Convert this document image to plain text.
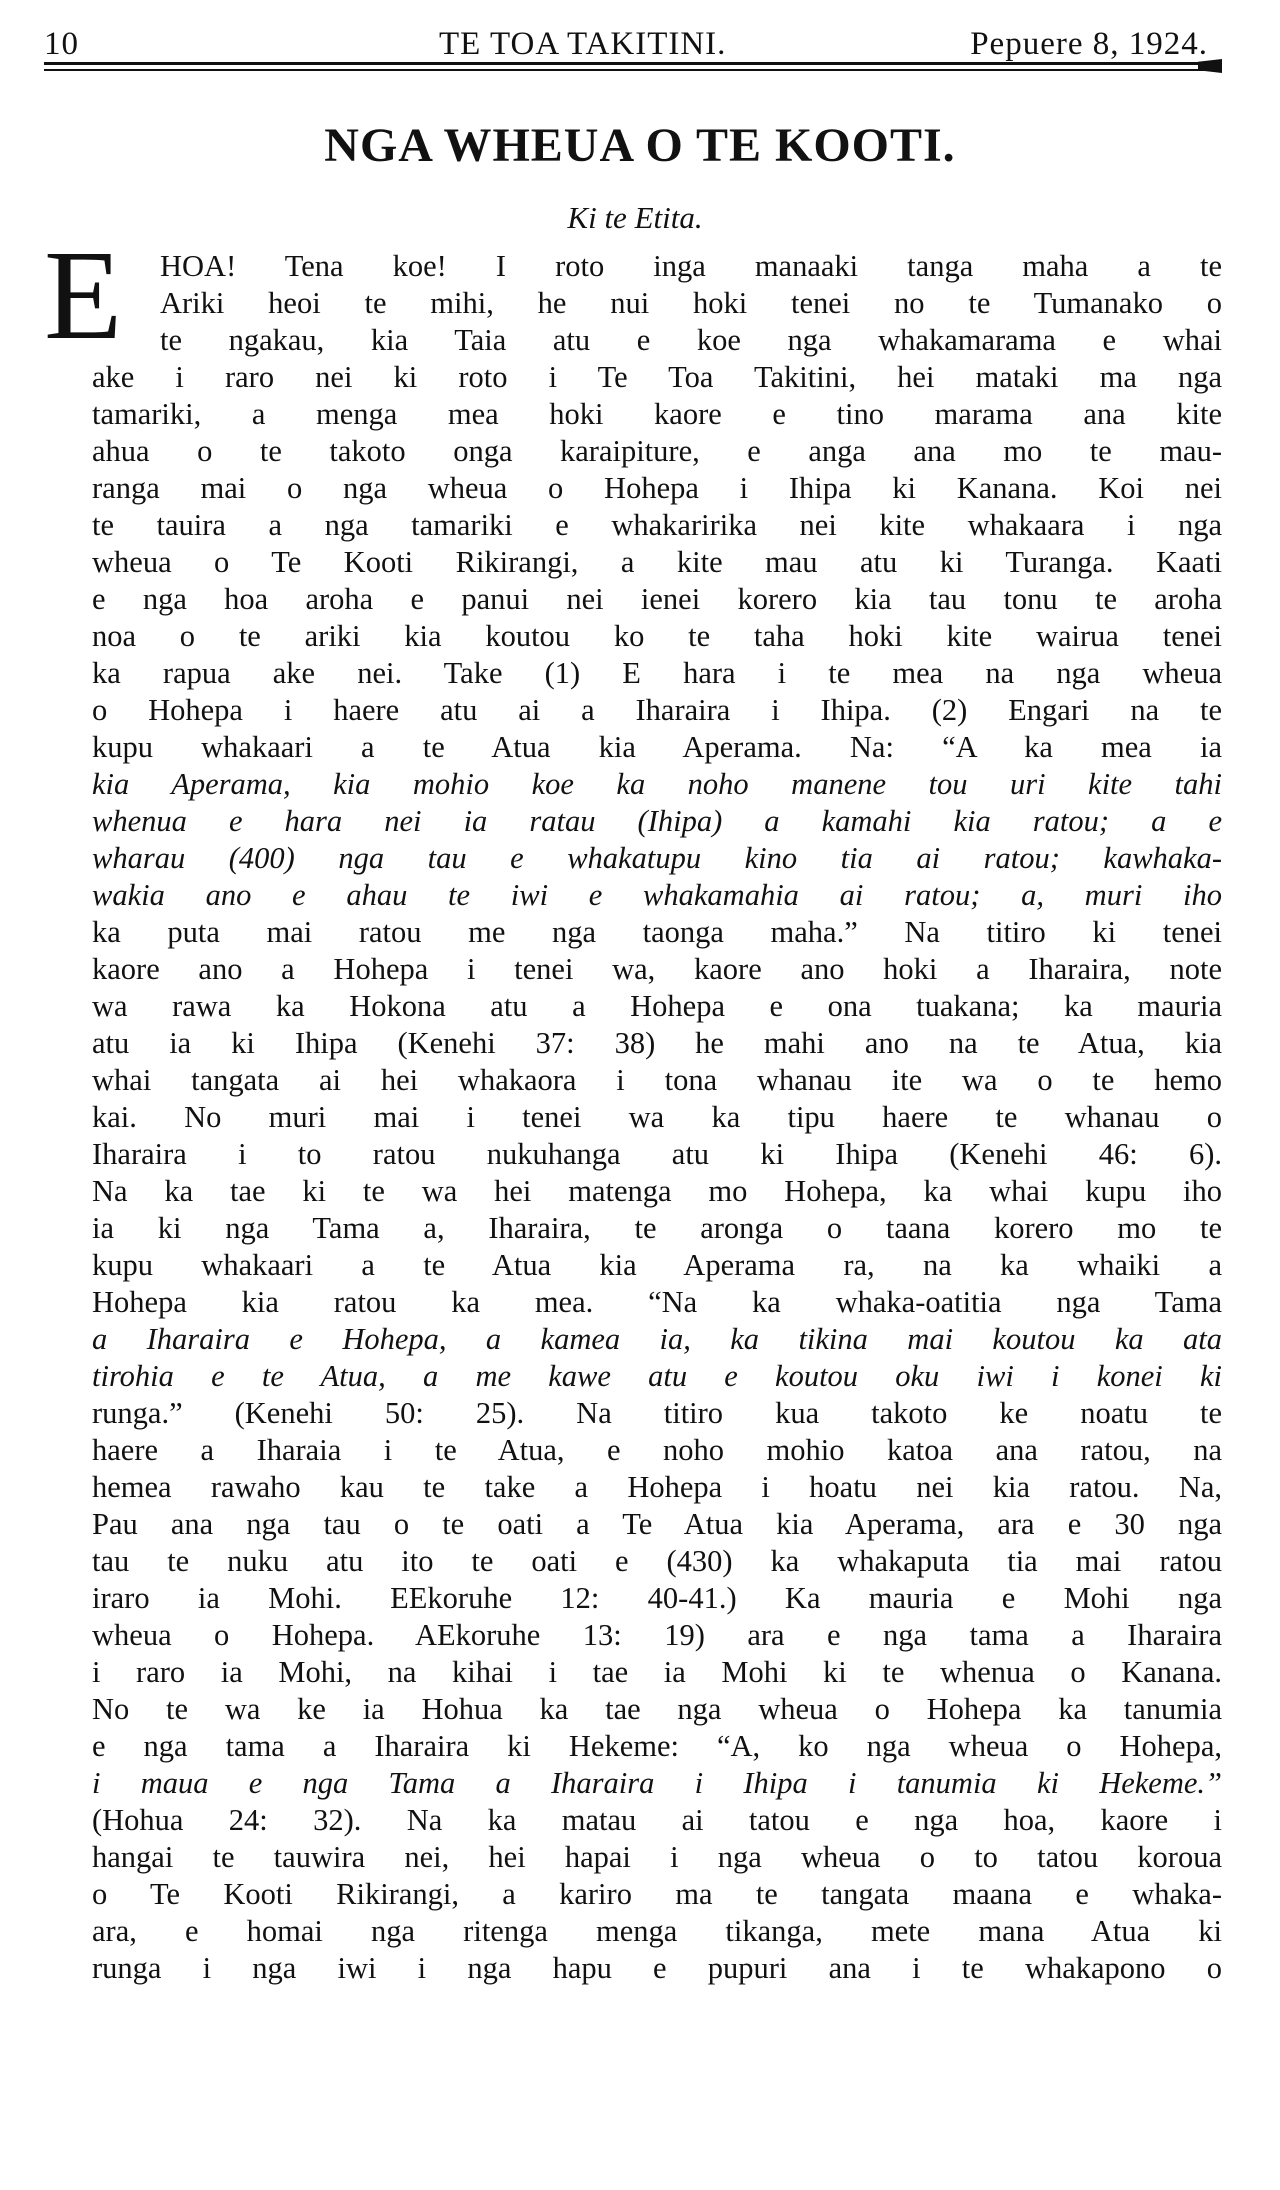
10	TE TOA TAKITINI.	Pepuere 8, 1924.
NGA WHEUA O TE KOOTI.
Ki te Etita.
E	HOA! Tena koe! I roto inga manaaki tanga maha a te
Ariki heoi te mihi, he nui hoki tenei no te Tumanako o
te ngakau, kia Taia atu e koe nga whakamarama e whai
ake i raro nei ki roto i Te Toa Takitini, hei mataki ma nga
tamariki, a menga mea hoki kaore e tino marama ana kite
ahua o te takoto onga karaipiture, e anga ana mo te mau-
ranga mai o nga wheua o Hohepa i Ihipa ki Kanana. Koi nei
te tauira a nga tamariki e whakaririka nei kite whakaara i nga
wheua o Te Kooti Rikirangi, a kite mau atu ki Turanga. Kaati
e nga hoa aroha e panui nei ienei korero kia tau tonu te aroha
noa o te ariki kia koutou ko te taha hoki kite wairua tenei
ka rapua ake nei. Take (1) E hara i te mea na nga wheua
o Hohepa i haere atu ai a Iharaira i Ihipa. (2) Engari na te
kupu whakaari a te Atua kia Aperama. Na: “A ka mea ia
kia Aperama, kia mohio koe ka noho manene tou uri kite tahi
whenua e hara nei ia ratau (Ihipa) a kamahi kia ratou; a e
wharau (400) nga tau e whakatupu kino tia ai ratou; kawhaka-
wakia ano e ahau te iwi e whakamahia ai ratou; a, muri iho
ka puta mai ratou me nga taonga maha.” Na titiro ki tenei
kaore ano a Hohepa i tenei wa, kaore ano hoki a Iharaira, note
wa rawa ka Hokona atu a Hohepa e ona tuakana; ka mauria
atu ia ki Ihipa (Kenehi 37: 38) he mahi ano na te Atua, kia
whai tangata ai hei whakaora i tona whanau ite wa o te hemo
kai. No muri mai i tenei wa ka tipu haere te whanau o
Iharaira i to ratou nukuhanga atu ki Ihipa (Kenehi 46: 6).
Na ka tae ki te wa hei matenga mo Hohepa, ka whai kupu iho
ia ki nga Tama a, Iharaira, te aronga o taana korero mo te
kupu whakaari a te Atua kia Aperama ra, na ka whaiki a
Hohepa kia ratou ka mea. “Na ka whaka-oatitia nga Tama
a Iharaira e Hohepa, a kamea ia, ka tikina mai koutou ka ata
tirohia e te Atua, a me kawe atu e koutou oku iwi i konei ki
runga.” (Kenehi 50: 25). Na titiro kua takoto ke noatu te
haere a Iharaia i te Atua, e noho mohio katoa ana ratou, na
hemea rawaho kau te take a Hohepa i hoatu nei kia ratou. Na,
Pau ana nga tau o te oati a Te Atua kia Aperama, ara e 30 nga
tau te nuku atu ito te oati e (430) ka whakaputa tia mai ratou
iraro ia Mohi. EEkoruhe 12: 40-41.) Ka mauria e Mohi nga
wheua o Hohepa. AEkoruhe 13: 19) ara e nga tama a Iharaira
i raro ia Mohi, na kihai i tae ia Mohi ki te whenua o Kanana.
No te wa ke ia Hohua ka tae nga wheua o Hohepa ka tanumia
e nga tama a Iharaira ki Hekeme: “A, ko nga wheua o Hohepa,
i maua e nga Tama a Iharaira i Ihipa i tanumia ki Hekeme.”
(Hohua 24: 32). Na ka matau ai tatou e nga hoa, kaore i
hangai te tauwira nei, hei hapai i nga wheua o to tatou koroua
o Te Kooti Rikirangi, a kariro ma te tangata maana e whaka-
ara, e homai nga ritenga menga tikanga, mete mana Atua ki
runga i nga iwi i nga hapu e pupuri ana i te whakapono o
